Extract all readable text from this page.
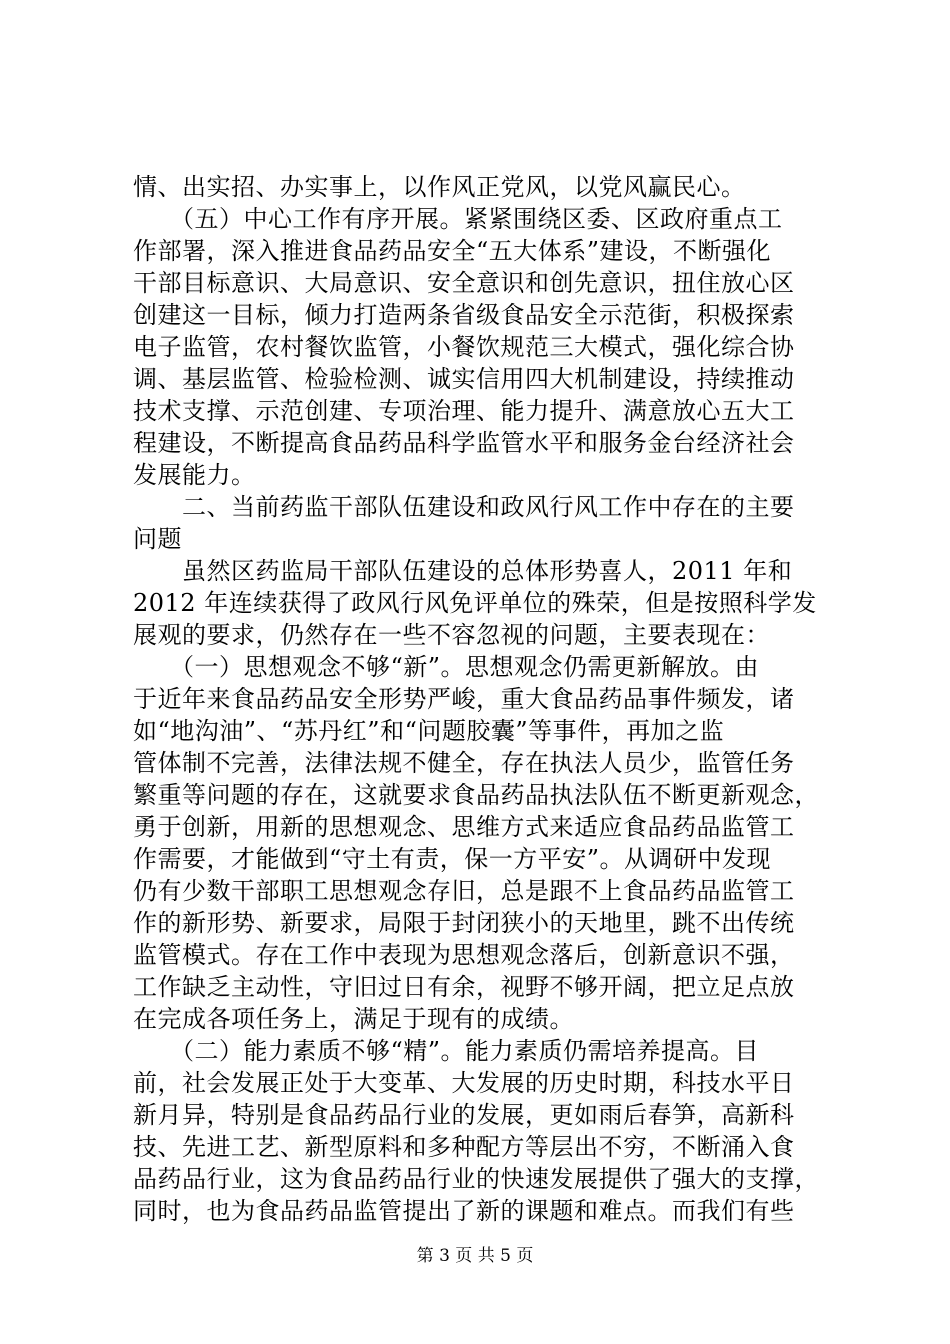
情、出实招、办实事上，以作风正党风，以党风赢民心。
　　（五）中心工作有序开展。紧紧围绕区委、区政府重点工
作部署，深入推进食品药品安全“五大体系”建设，不断强化
干部目标意识、大局意识、安全意识和创先意识，扭住放心区
创建这一目标，倾力打造两条省级食品安全示范街，积极探索
电子监管，农村餐饮监管，小餐饮规范三大模式，强化综合协
调、基层监管、检验检测、诚实信用四大机制建设，持续推动
技术支撑、示范创建、专项治理、能力提升、满意放心五大工
程建设，不断提高食品药品科学监管水平和服务金台经济社会
发展能力。
　　二、当前药监干部队伍建设和政风行风工作中存在的主要
问题
　　虽然区药监局干部队伍建设的总体形势喜人，2011 年和
2012 年连续获得了政风行风免评单位的殊荣，但是按照科学发
展观的要求，仍然存在一些不容忽视的问题，主要表现在：
　　（一）思想观念不够“新”。思想观念仍需更新解放。由
于近年来食品药品安全形势严峻，重大食品药品事件频发，诸
如“地沟油”、“苏丹红”和“问题胶囊”等事件，再加之监
管体制不完善，法律法规不健全，存在执法人员少，监管任务
繁重等问题的存在，这就要求食品药品执法队伍不断更新观念，
勇于创新，用新的思想观念、思维方式来适应食品药品监管工
作需要，才能做到“守土有责，保一方平安”。从调研中发现
仍有少数干部职工思想观念存旧，总是跟不上食品药品监管工
作的新形势、新要求，局限于封闭狭小的天地里，跳不出传统
监管模式。存在工作中表现为思想观念落后，创新意识不强，
工作缺乏主动性，守旧过日有余，视野不够开阔，把立足点放
在完成各项任务上，满足于现有的成绩。
　　（二）能力素质不够“精”。能力素质仍需培养提高。目
前，社会发展正处于大变革、大发展的历史时期，科技水平日
新月异，特别是食品药品行业的发展，更如雨后春笋，高新科
技、先进工艺、新型原料和多种配方等层出不穷，不断涌入食
品药品行业，这为食品药品行业的快速发展提供了强大的支撑，
同时，也为食品药品监管提出了新的课题和难点。而我们有些
第 3 页 共 5 页
